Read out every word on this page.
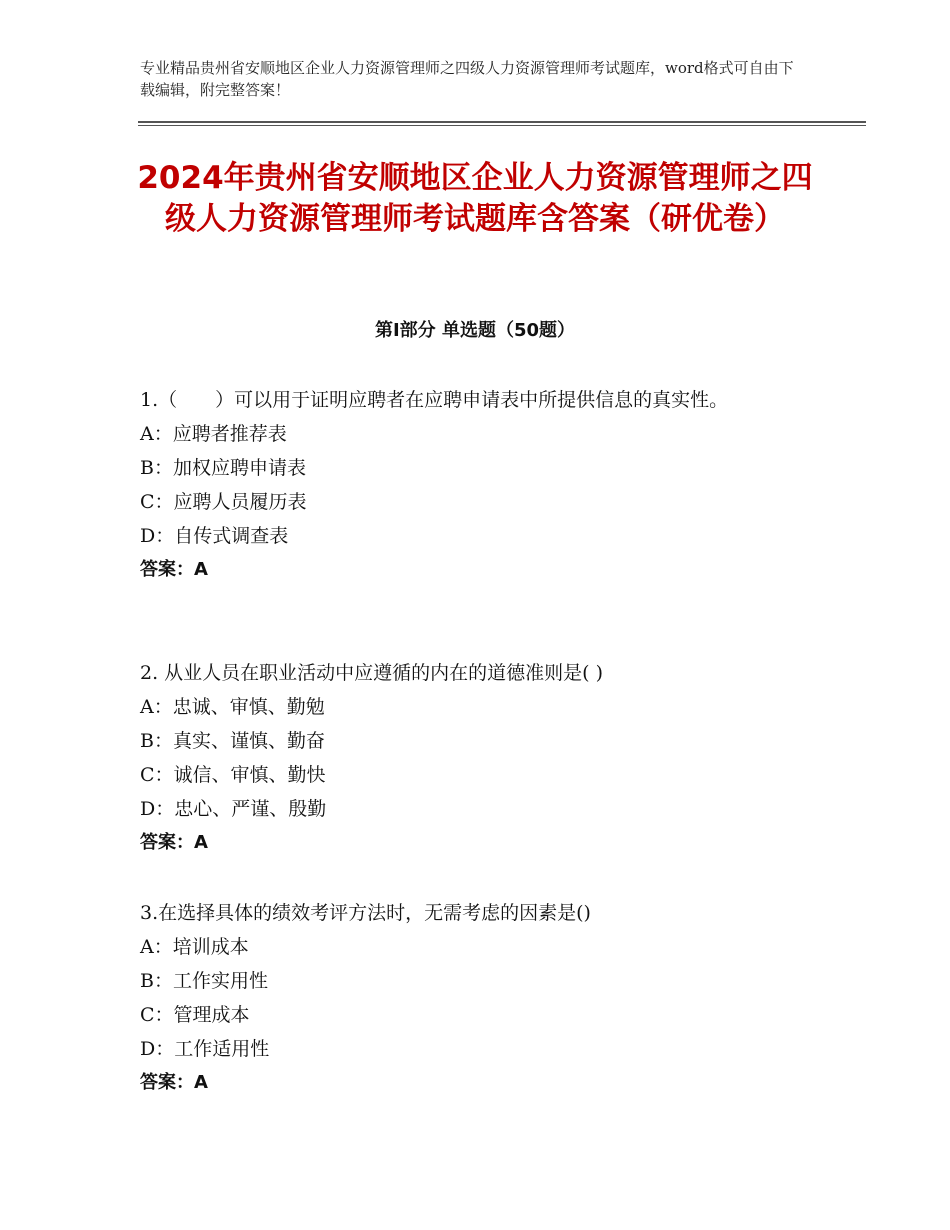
专业精品贵州省安顺地区企业人力资源管理师之四级人力资源管理师考试题库，word格式可自由下载编辑，附完整答案！
2024年贵州省安顺地区企业人力资源管理师之四级人力资源管理师考试题库含答案（研优卷）
第Ⅰ部分 单选题（50题）

1.（　　）可以用于证明应聘者在应聘申请表中所提供信息的真实性。

A：应聘者推荐表

B：加权应聘申请表

C：应聘人员履历表

D：自传式调查表

答案：A

2. 从业人员在职业活动中应遵循的内在的道德准则是( )

A：忠诚、审慎、勤勉

B：真实、谨慎、勤奋

C：诚信、审慎、勤快

D：忠心、严谨、殷勤

答案：A

3.在选择具体的绩效考评方法时，无需考虑的因素是()

A：培训成本

B：工作实用性

C：管理成本

D：工作适用性

答案：A
